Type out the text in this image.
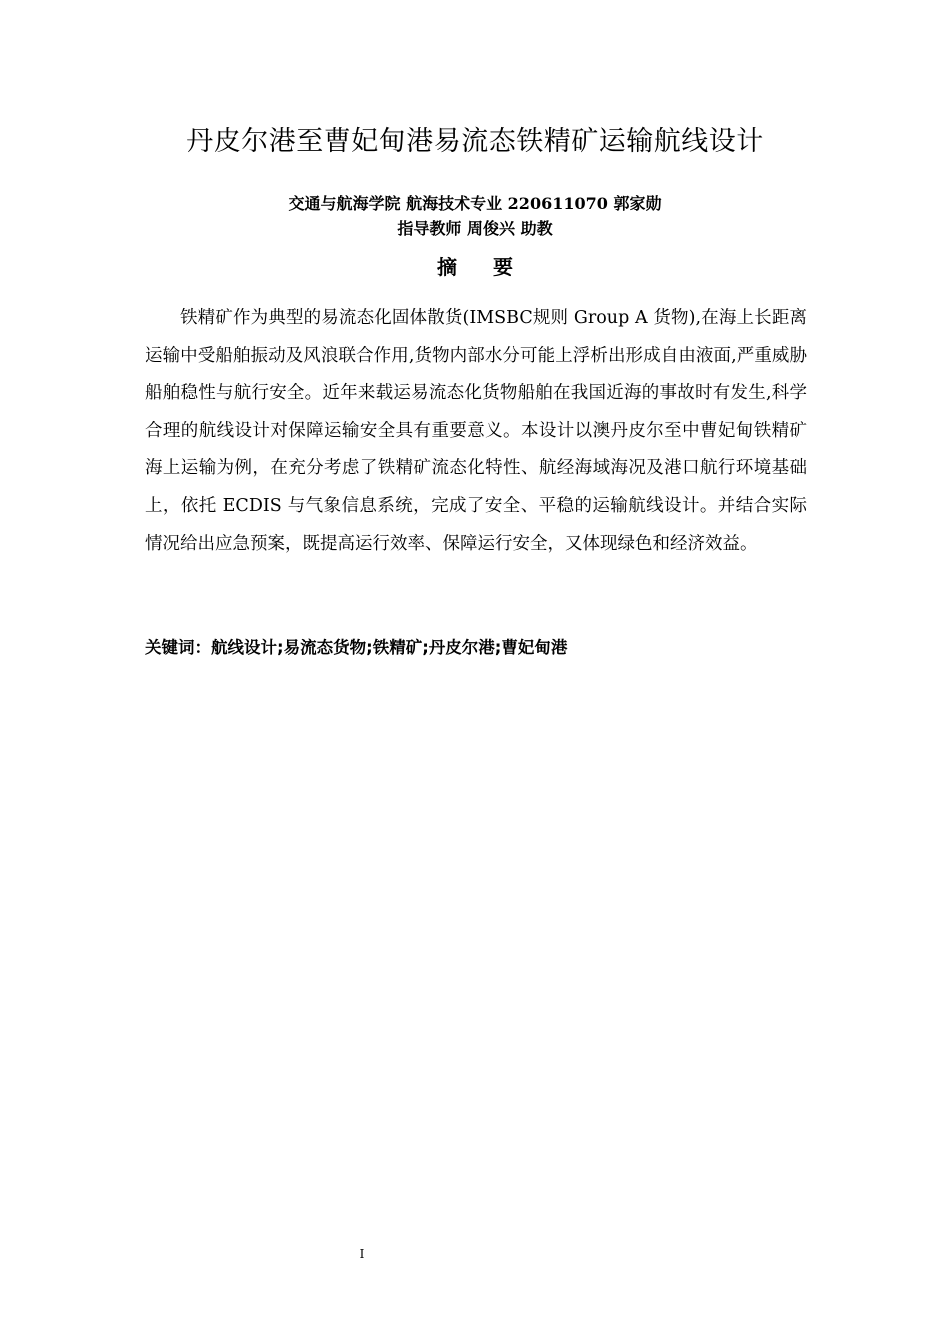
丹皮尔港至曹妃甸港易流态铁精矿运输航线设计
交通与航海学院 航海技术专业 220611070 郭家勋
指导教师 周俊兴 助教
摘要

铁精矿作为典型的易流态化固体散货(IMSBC规则 Group A 货物),在海上长距离运输中受船舶振动及风浪联合作用,货物内部水分可能上浮析出形成自由液面,严重威胁船舶稳性与航行安全。近年来载运易流态化货物船舶在我国近海的事故时有发生,科学合理的航线设计对保障运输安全具有重要意义。本设计以澳丹皮尔至中曹妃甸铁精矿海上运输为例，在充分考虑了铁精矿流态化特性、航经海域海况及港口航行环境基础上，依托 ECDIS 与气象信息系统，完成了安全、平稳的运输航线设计。并结合实际情况给出应急预案，既提高运行效率、保障运行安全，又体现绿色和经济效益。

关键词：航线设计;易流态货物;铁精矿;丹皮尔港;曹妃甸港
I
